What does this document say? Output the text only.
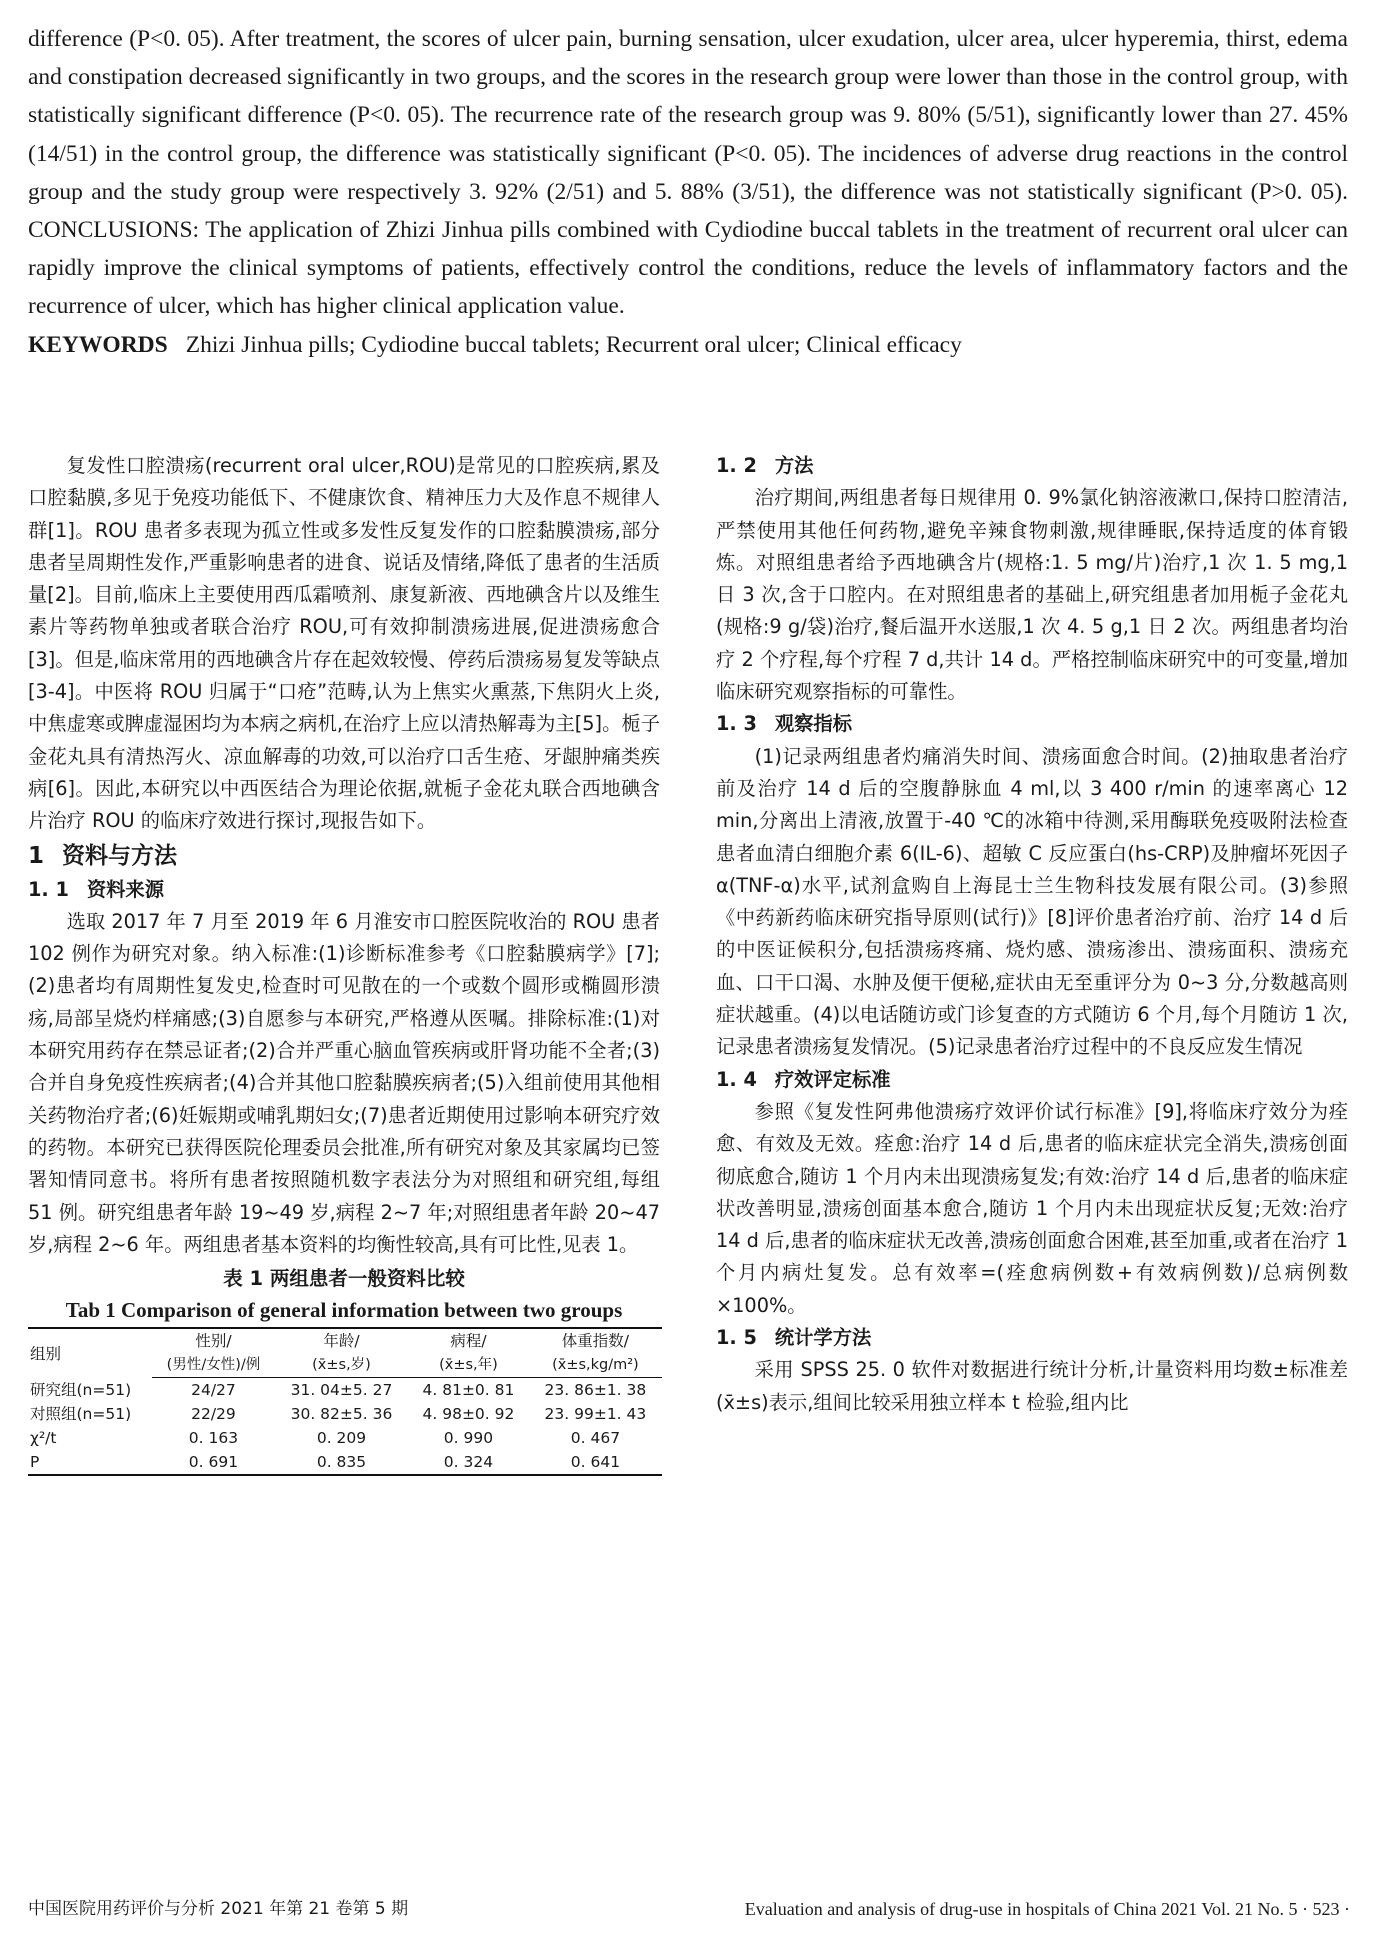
difference (P<0. 05). After treatment, the scores of ulcer pain, burning sensation, ulcer exudation, ulcer area, ulcer hyperemia, thirst, edema and constipation decreased significantly in two groups, and the scores in the research group were lower than those in the control group, with statistically significant difference (P<0. 05). The recurrence rate of the research group was 9. 80% (5/51), significantly lower than 27. 45% (14/51) in the control group, the difference was statistically significant (P<0. 05). The incidences of adverse drug reactions in the control group and the study group were respectively 3. 92% (2/51) and 5. 88% (3/51), the difference was not statistically significant (P>0. 05). CONCLUSIONS: The application of Zhizi Jinhua pills combined with Cydiodine buccal tablets in the treatment of recurrent oral ulcer can rapidly improve the clinical symptoms of patients, effectively control the conditions, reduce the levels of inflammatory factors and the recurrence of ulcer, which has higher clinical application value.

KEYWORDS Zhizi Jinhua pills; Cydiodine buccal tablets; Recurrent oral ulcer; Clinical efficacy

复发性口腔溃疡(recurrent oral ulcer,ROU)是常见的口腔疾病,累及口腔黏膜,多见于免疫功能低下、不健康饮食、精神压力大及作息不规律人群[1]。ROU 患者多表现为孤立性或多发性反复发作的口腔黏膜溃疡,部分患者呈周期性发作,严重影响患者的进食、说话及情绪,降低了患者的生活质量[2]。目前,临床上主要使用西瓜霜喷剂、康复新液、西地碘含片以及维生素片等药物单独或者联合治疗 ROU,可有效抑制溃疡进展,促进溃疡愈合[3]。但是,临床常用的西地碘含片存在起效较慢、停药后溃疡易复发等缺点[3-4]。中医将 ROU 归属于“口疮”范畴,认为上焦实火熏蒸,下焦阴火上炎,中焦虚寒或脾虚湿困均为本病之病机,在治疗上应以清热解毒为主[5]。栀子金花丸具有清热泻火、凉血解毒的功效,可以治疗口舌生疮、牙龈肿痛类疾病[6]。因此,本研究以中西医结合为理论依据,就栀子金花丸联合西地碘含片治疗 ROU 的临床疗效进行探讨,现报告如下。

1 资料与方法
1. 1 资料来源

选取 2017 年 7 月至 2019 年 6 月淮安市口腔医院收治的 ROU 患者 102 例作为研究对象。纳入标准:(1)诊断标准参考《口腔黏膜病学》[7];(2)患者均有周期性复发史,检查时可见散在的一个或数个圆形或椭圆形溃疡,局部呈烧灼样痛感;(3)自愿参与本研究,严格遵从医嘱。排除标准:(1)对本研究用药存在禁忌证者;(2)合并严重心脑血管疾病或肝肾功能不全者;(3)合并自身免疫性疾病者;(4)合并其他口腔黏膜疾病者;(5)入组前使用其他相关药物治疗者;(6)妊娠期或哺乳期妇女;(7)患者近期使用过影响本研究疗效的药物。本研究已获得医院伦理委员会批准,所有研究对象及其家属均已签署知情同意书。将所有患者按照随机数字表法分为对照组和研究组,每组 51 例。研究组患者年龄 19~49 岁,病程 2~7 年;对照组患者年龄 20~47 岁,病程 2~6 年。两组患者基本资料的均衡性较高,具有可比性,见表 1。

表 1 两组患者一般资料比较
Tab 1 Comparison of general information between two groups
组别	性别/	年龄/	病程/	体重指数/
	(男性/女性)/例	(x̄±s,岁)	(x̄±s,年)	(x̄±s,kg/m²)
研究组(n=51)	24/27	31. 04±5. 27	4. 81±0. 81	23. 86±1. 38
对照组(n=51)	22/29	30. 82±5. 36	4. 98±0. 92	23. 99±1. 43
χ²/t	0. 163	0. 209	0. 990	0. 467
P	0. 691	0. 835	0. 324	0. 641
1. 2 方法

治疗期间,两组患者每日规律用 0. 9%氯化钠溶液漱口,保持口腔清洁,严禁使用其他任何药物,避免辛辣食物刺激,规律睡眠,保持适度的体育锻炼。对照组患者给予西地碘含片(规格:1. 5 mg/片)治疗,1 次 1. 5 mg,1 日 3 次,含于口腔内。在对照组患者的基础上,研究组患者加用栀子金花丸(规格:9 g/袋)治疗,餐后温开水送服,1 次 4. 5 g,1 日 2 次。两组患者均治疗 2 个疗程,每个疗程 7 d,共计 14 d。严格控制临床研究中的可变量,增加临床研究观察指标的可靠性。

1. 3 观察指标

(1)记录两组患者灼痛消失时间、溃疡面愈合时间。(2)抽取患者治疗前及治疗 14 d 后的空腹静脉血 4 ml,以 3 400 r/min 的速率离心 12 min,分离出上清液,放置于-40 ℃的冰箱中待测,采用酶联免疫吸附法检查患者血清白细胞介素 6(IL-6)、超敏 C 反应蛋白(hs-CRP)及肿瘤坏死因子 α(TNF-α)水平,试剂盒购自上海昆士兰生物科技发展有限公司。(3)参照《中药新药临床研究指导原则(试行)》[8]评价患者治疗前、治疗 14 d 后的中医证候积分,包括溃疡疼痛、烧灼感、溃疡渗出、溃疡面积、溃疡充血、口干口渴、水肿及便干便秘,症状由无至重评分为 0~3 分,分数越高则症状越重。(4)以电话随访或门诊复查的方式随访 6 个月,每个月随访 1 次,记录患者溃疡复发情况。(5)记录患者治疗过程中的不良反应发生情况

1. 4 疗效评定标准

参照《复发性阿弗他溃疡疗效评价试行标准》[9],将临床疗效分为痊愈、有效及无效。痊愈:治疗 14 d 后,患者的临床症状完全消失,溃疡创面彻底愈合,随访 1 个月内未出现溃疡复发;有效:治疗 14 d 后,患者的临床症状改善明显,溃疡创面基本愈合,随访 1 个月内未出现症状反复;无效:治疗 14 d 后,患者的临床症状无改善,溃疡创面愈合困难,甚至加重,或者在治疗 1 个月内病灶复发。总有效率=(痊愈病例数+有效病例数)/总病例数×100%。

1. 5 统计学方法

采用 SPSS 25. 0 软件对数据进行统计分析,计量资料用均数±标准差(x̄±s)表示,组间比较采用独立样本 t 检验,组内比

中国医院用药评价与分析 2021 年第 21 卷第 5 期	Evaluation and analysis of drug-use in hospitals of China 2021 Vol. 21 No. 5 · 523 ·
